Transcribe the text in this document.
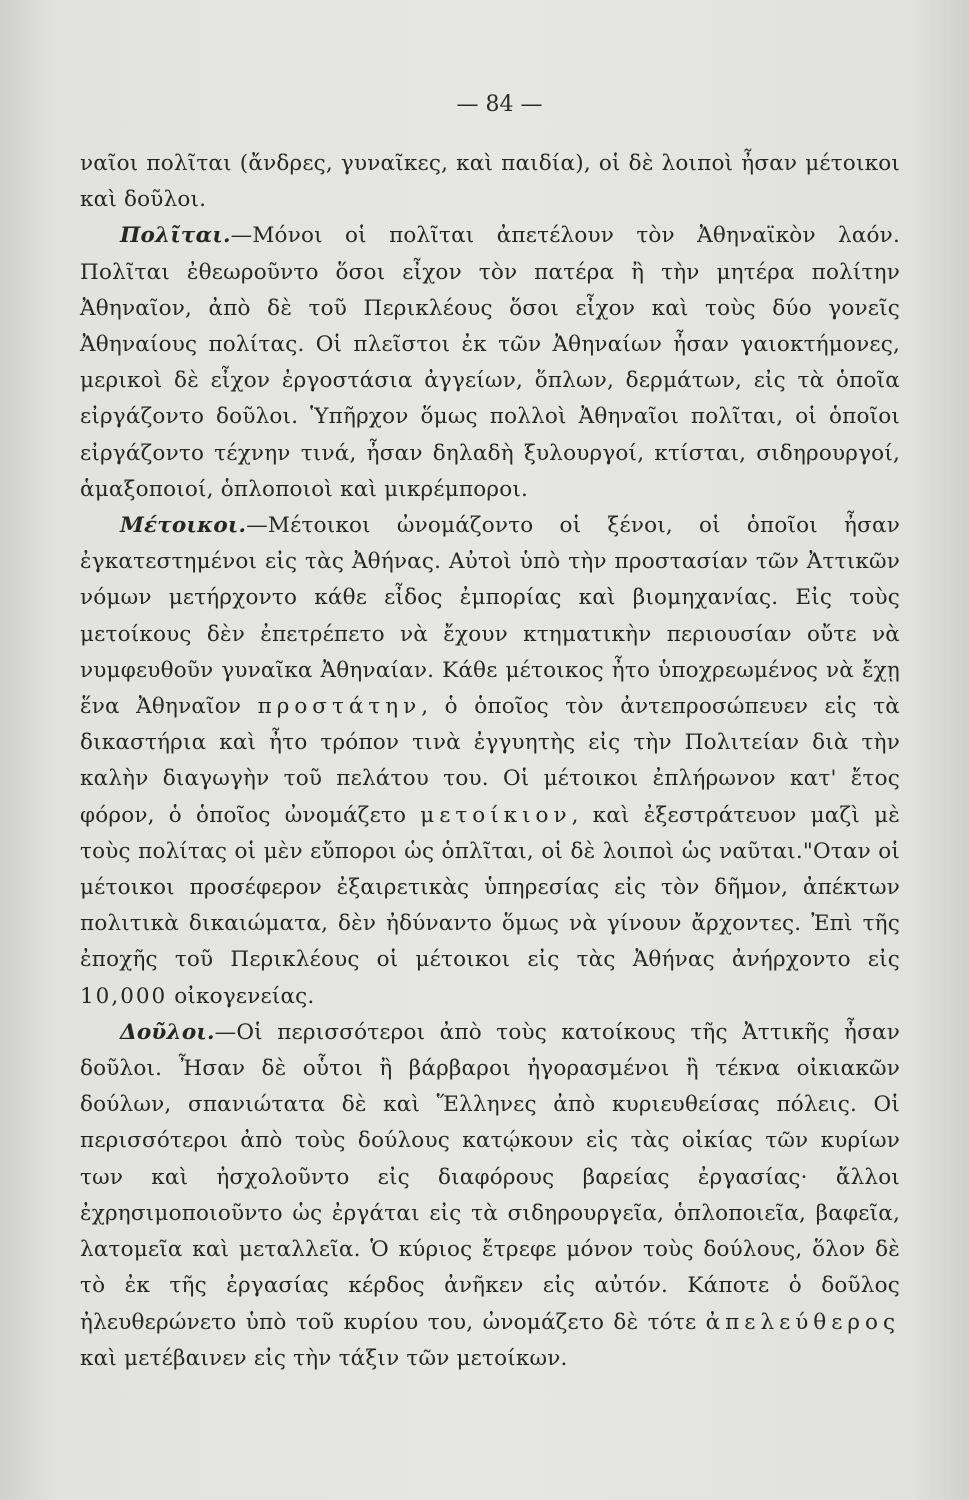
— 84 —

ναῖοι πολῖται (ἄνδρες, γυναῖκες, καὶ παιδία), οἱ δὲ λοιποὶ ἦσαν μέτοικοι καὶ δοῦλοι.

Πολῖται.—Μόνοι οἱ πολῖται ἀπετέλουν τὸν Ἀθηναϊκὸν λαόν. Πολῖται ἐθεωροῦντο ὅσοι εἶχον τὸν πατέρα ἢ τὴν μητέρα πολίτην Ἀθηναῖον, ἀπὸ δὲ τοῦ Περικλέους ὅσοι εἶχον καὶ τοὺς δύο γονεῖς Ἀθηναίους πολίτας. Οἱ πλεῖστοι ἐκ τῶν Ἀθηναίων ἦσαν γαιοκτήμονες, μερικοὶ δὲ εἶχον ἐργοστάσια ἀγγείων, ὅπλων, δερμάτων, εἰς τὰ ὁποῖα εἰργάζοντο δοῦλοι. Ὑπῆρχον ὅμως πολλοὶ Ἀθηναῖοι πολῖται, οἱ ὁποῖοι εἰργάζοντο τέχνην τινά, ἦσαν δηλαδὴ ξυλουργοί, κτίσται, σιδηρουργοί, ἁμαξοποιοί, ὁπλοποιοὶ καὶ μικρέμποροι.

Μέτοικοι.—Μέτοικοι ὠνομάζοντο οἱ ξένοι, οἱ ὁποῖοι ἦσαν ἐγκατεστημένοι εἰς τὰς Ἀθήνας. Αὐτοὶ ὑπὸ τὴν προστασίαν τῶν Ἀττικῶν νόμων μετήρχοντο κάθε εἶδος ἐμπορίας καὶ βιομηχανίας. Εἰς τοὺς μετοίκους δὲν ἐπετρέπετο νὰ ἔχουν κτηματικὴν περιουσίαν οὔτε νὰ νυμφευθοῦν γυναῖκα Ἀθηναίαν. Κάθε μέτοικος ἦτο ὑποχρεωμένος νὰ ἔχῃ ἕνα Ἀθηναῖον προστάτην, ὁ ὁποῖος τὸν ἀντεπροσώπευεν εἰς τὰ δικαστήρια καὶ ἦτο τρόπον τινὰ ἐγγυητὴς εἰς τὴν Πολιτείαν διὰ τὴν καλὴν διαγωγὴν τοῦ πελάτου του. Οἱ μέτοικοι ἐπλήρωνον κατ' ἔτος φόρον, ὁ ὁποῖος ὠνομάζετο μετοίκιον, καὶ ἐξεστράτευον μαζὶ μὲ τοὺς πολίτας οἱ μὲν εὔποροι ὡς ὁπλῖται, οἱ δὲ λοιποὶ ὡς ναῦται."Οταν οἱ μέτοικοι προσέφερον ἐξαιρετικὰς ὑπηρεσίας εἰς τὸν δῆμον, ἀπέκτων πολιτικὰ δικαιώματα, δὲν ἠδύναντο ὅμως νὰ γίνουν ἄρχοντες. Ἐπὶ τῆς ἐποχῆς τοῦ Περικλέους οἱ μέτοικοι εἰς τὰς Ἀθήνας ἀνήρχοντο εἰς 10,000 οἰκογενείας.

Δοῦλοι.—Οἱ περισσότεροι ἀπὸ τοὺς κατοίκους τῆς Ἀττικῆς ἦσαν δοῦλοι. Ἦσαν δὲ οὗτοι ἢ βάρβαροι ἠγορασμένοι ἢ τέκνα οἰκιακῶν δούλων, σπανιώτατα δὲ καὶ Ἕλληνες ἀπὸ κυριευθείσας πόλεις. Οἱ περισσότεροι ἀπὸ τοὺς δούλους κατῴκουν εἰς τὰς οἰκίας τῶν κυρίων των καὶ ἠσχολοῦντο εἰς διαφόρους βαρείας ἐργασίας· ἄλλοι ἐχρησιμοποιοῦντο ὡς ἐργάται εἰς τὰ σιδηρουργεῖα, ὁπλοποιεῖα, βαφεῖα, λατομεῖα καὶ μεταλλεῖα. Ὁ κύριος ἔτρεφε μόνον τοὺς δούλους, ὅλον δὲ τὸ ἐκ τῆς ἐργασίας κέρδος ἀνῆκεν εἰς αὐτόν. Κάποτε ὁ δοῦλος ἠλευθερώνετο ὑπὸ τοῦ κυρίου του, ὠνομάζετο δὲ τότε ἀπελεύθερος καὶ μετέβαινεν εἰς τὴν τάξιν τῶν μετοίκων.
